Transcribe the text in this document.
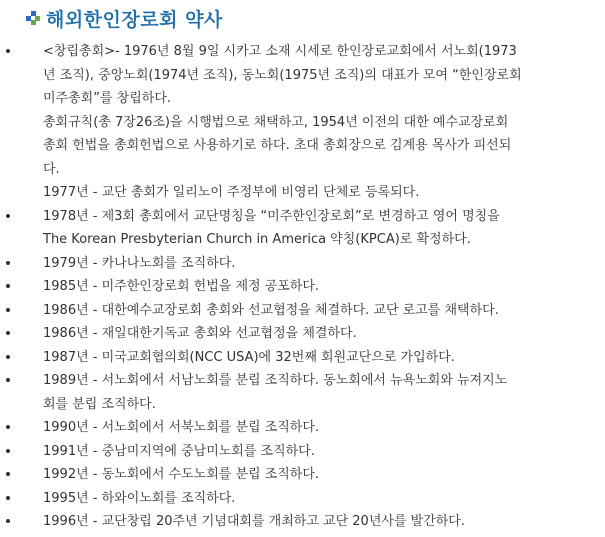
해외한인장로회 약사
<창립총회>- 1976년 8월 9일 시카고 소재 시세로 한인장로교회에서 서노회(1973
년 조직), 중앙노회(1974년 조직), 동노회(1975년 조직)의 대표가 모여 “한인장로회
미주총회”를 창립하다.
총회규칙(총 7장26조)을 시행법으로 채택하고, 1954년 이전의 대한 예수교장로회
총회 헌법을 총회헌법으로 사용하기로 하다. 초대 총회장으로 김계용 목사가 피선되
다.
1977년 - 교단 총회가 일리노이 주정부에 비영리 단체로 등록되다.
1978년 - 제3회 총회에서 교단명칭을 “미주한인장로회”로 변경하고 영어 명칭을
The Korean Presbyterian Church in America 약칭(KPCA)로 확정하다.
1979년 - 카나나노회를 조직하다.
1985년 - 미주한인장로회 헌법을 제정 공포하다.
1986년 - 대한예수교장로회 총회와 선교협정을 체결하다. 교단 로고를 채택하다.
1986년 - 재일대한기독교 총회와 선교협정을 체결하다.
1987년 - 미국교회협의회(NCC USA)에 32번째 회원교단으로 가입하다.
1989년 - 서노회에서 서남노회를 분립 조직하다. 동노회에서 뉴욕노회와 뉴져지노
회를 분립 조직하다.
1990년 - 서노회에서 서북노회를 분립 조직하다.
1991년 - 중남미지역에 중남미노회를 조직하다.
1992년 - 동노회에서 수도노회를 분립 조직하다.
1995년 - 하와이노회를 조직하다.
1996년 - 교단창립 20주년 기념대회를 개최하고 교단 20년사를 발간하다.
